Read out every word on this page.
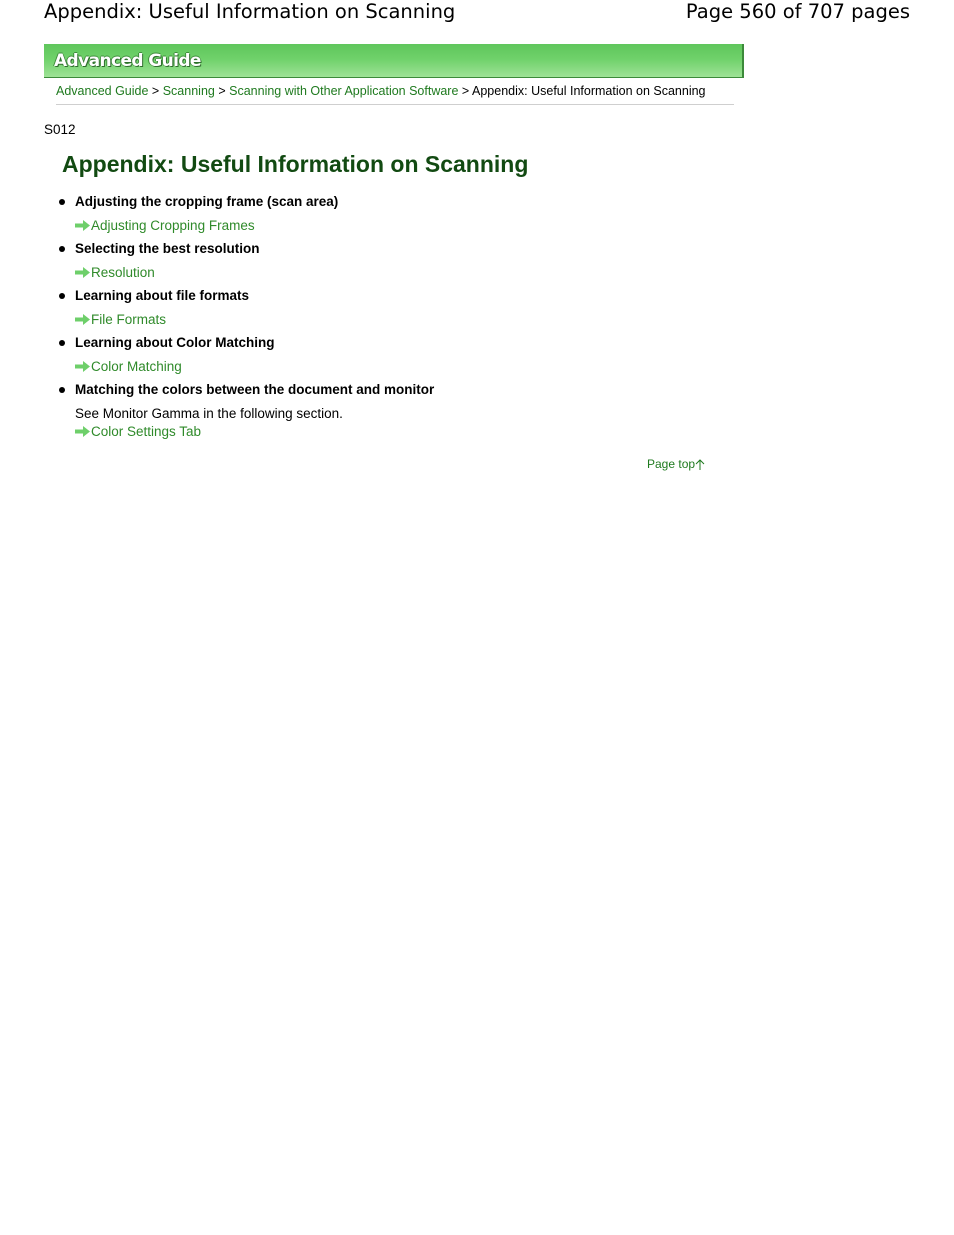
Appendix: Useful Information on Scanning	Page 560 of 707 pages
Advanced Guide
Advanced Guide > Scanning > Scanning with Other Application Software > Appendix: Useful Information on Scanning
S012
Appendix: Useful Information on Scanning
Adjusting the cropping frame (scan area)
Adjusting Cropping Frames
Selecting the best resolution
Resolution
Learning about file formats
File Formats
Learning about Color Matching
Color Matching
Matching the colors between the document and monitor
See Monitor Gamma in the following section.
Color Settings Tab
Page top
